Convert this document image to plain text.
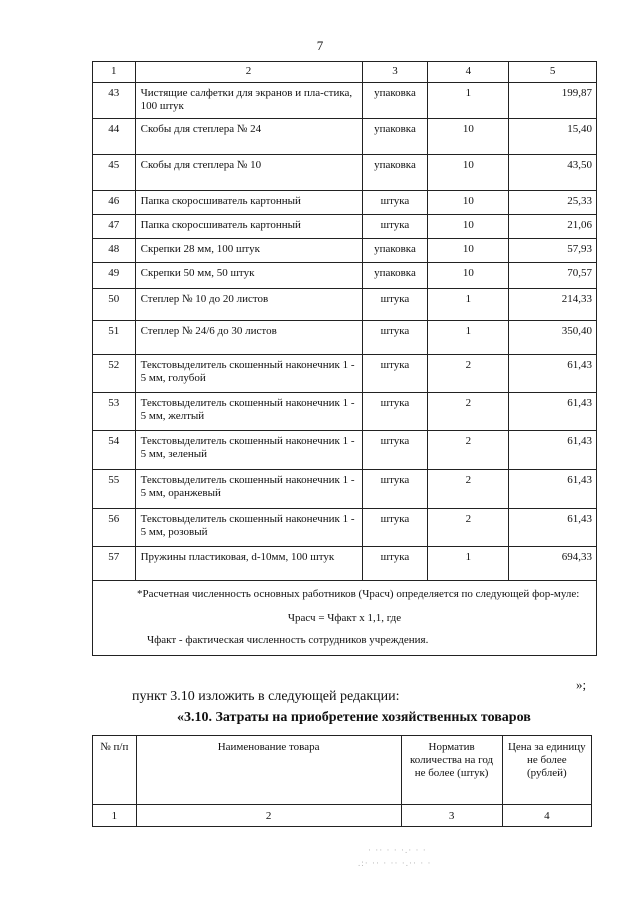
7
1	2	3	4	5
43	Чистящие салфетки для экранов и пла-стика, 100 штук	упаковка	1	199,87
44	Скобы для степлера № 24	упаковка	10	15,40
45	Скобы для степлера № 10	упаковка	10	43,50
46	Папка скоросшиватель картонный	штука	10	25,33
47	Папка скоросшиватель картонный	штука	10	21,06
48	Скрепки 28 мм, 100 штук	упаковка	10	57,93
49	Скрепки 50 мм, 50 штук	упаковка	10	70,57
50	Степлер № 10 до 20 листов	штука	1	214,33
51	Степлер № 24/6 до 30 листов	штука	1	350,40
52	Текстовыделитель скошенный наконечник 1 - 5 мм, голубой	штука	2	61,43
53	Текстовыделитель скошенный наконечник 1 - 5 мм, желтый	штука	2	61,43
54	Текстовыделитель скошенный наконечник 1 - 5 мм, зеленый	штука	2	61,43
55	Текстовыделитель скошенный наконечник 1 - 5 мм, оранжевый	штука	2	61,43
56	Текстовыделитель скошенный наконечник 1 - 5 мм, розовый	штука	2	61,43
57	Пружины пластиковая, d-10мм, 100 штук	штука	1	694,33

*Расчетная численность основных работников (Чрасч) определяется по следующей фор-муле:
Чрасч = Чфакт х 1,1, где
Чфакт - фактическая численность сотрудников учреждения.				
»;
пункт 3.10 изложить в следующей редакции:
«3.10. Затраты на приобретение хозяйственных товаров
№ п/п	Наименование товара	Норматив количества на год не более (штук)	Цена за единицу не более (рублей)
1	2	3	4
· ·· · · ·.· · ·
.:· ·· · ·· ·.·· · ·
